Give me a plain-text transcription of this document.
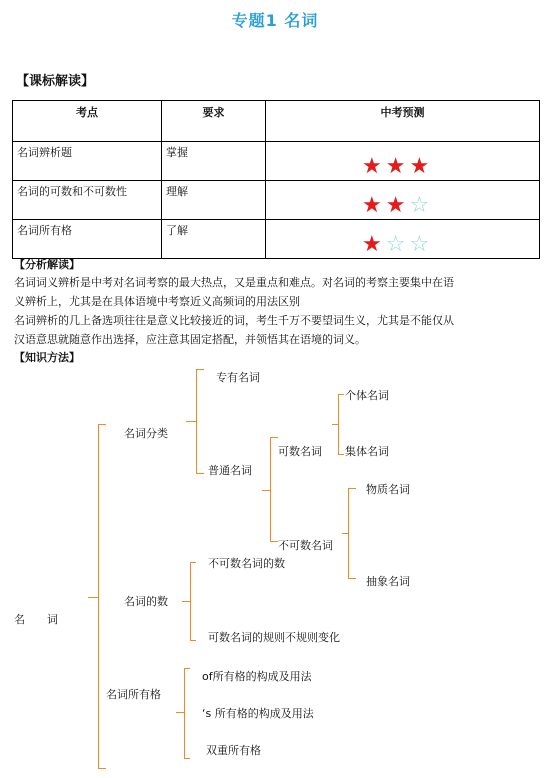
专题1 名词
【课标解读】
考点	要求	中考预测
名词辨析题	掌握	★★★

名词的可数和不可数性	理解	★★☆

名词所有格	了解	★☆☆
【分析解读】
名词词义辨析是中考对名词考察的最大热点，又是重点和难点。对名词的考察主要集中在语
义辨析上，尤其是在具体语境中考察近义高频词的用法区别
名词辨析的几上备选项往往是意义比较接近的词，考生千万不要望词生义，尤其是不能仅从
汉语意思就随意作出选择，应注意其固定搭配，并领悟其在语境的词义。
【知识方法】
名　　词
名词分类
名词的数
名词所有格
专有名词
普通名词
可数名词
不可数名词
个体名词
集体名词
物质名词
抽象名词
不可数名词的数
可数名词的规则不规则变化
of所有格的构成及用法
‘s 所有格的构成及用法
双重所有格
